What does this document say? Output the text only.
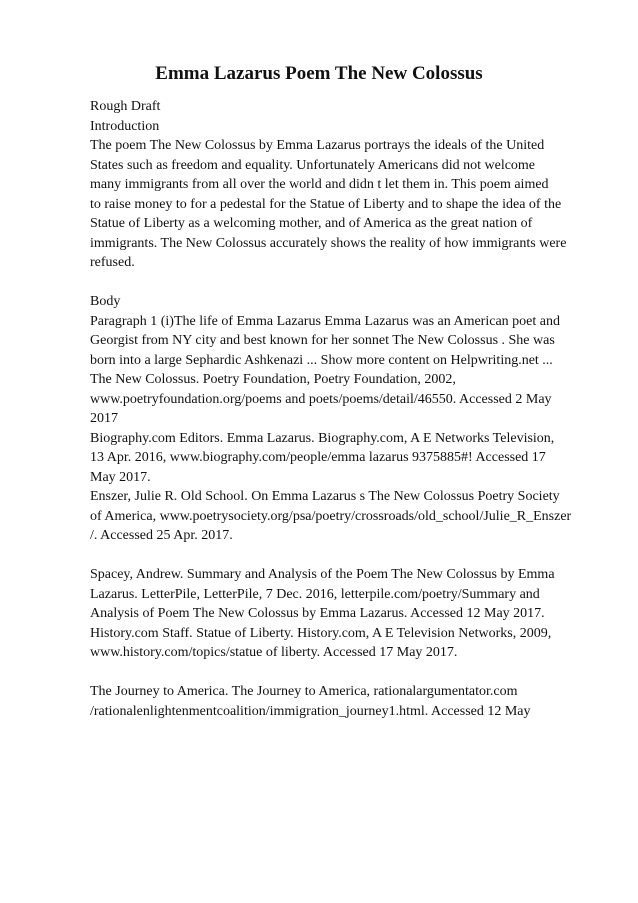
Emma Lazarus Poem The New Colossus
Rough Draft
Introduction
The poem The New Colossus by Emma Lazarus portrays the ideals of the United
States such as freedom and equality. Unfortunately Americans did not welcome
many immigrants from all over the world and didn t let them in. This poem aimed
to raise money to for a pedestal for the Statue of Liberty and to shape the idea of the
Statue of Liberty as a welcoming mother, and of America as the great nation of
immigrants. The New Colossus accurately shows the reality of how immigrants were
refused.
Body
Paragraph 1 (i)The life of Emma Lazarus Emma Lazarus was an American poet and
Georgist from NY city and best known for her sonnet The New Colossus . She was
born into a large Sephardic Ashkenazi ... Show more content on Helpwriting.net ...
The New Colossus. Poetry Foundation, Poetry Foundation, 2002,
www.poetryfoundation.org/poems and poets/poems/detail/46550. Accessed 2 May
2017
Biography.com Editors. Emma Lazarus. Biography.com, A E Networks Television,
13 Apr. 2016, www.biography.com/people/emma lazarus 9375885#! Accessed 17
May 2017.
Enszer, Julie R. Old School. On Emma Lazarus s The New Colossus Poetry Society
of America, www.poetrysociety.org/psa/poetry/crossroads/old_school/Julie_R_Enszer
/. Accessed 25 Apr. 2017.
Spacey, Andrew. Summary and Analysis of the Poem The New Colossus by Emma
Lazarus. LetterPile, LetterPile, 7 Dec. 2016, letterpile.com/poetry/Summary and
Analysis of Poem The New Colossus by Emma Lazarus. Accessed 12 May 2017.
History.com Staff. Statue of Liberty. History.com, A E Television Networks, 2009,
www.history.com/topics/statue of liberty. Accessed 17 May 2017.
The Journey to America. The Journey to America, rationalargumentator.com
/rationalenlightenmentcoalition/immigration_journey1.html. Accessed 12 May
